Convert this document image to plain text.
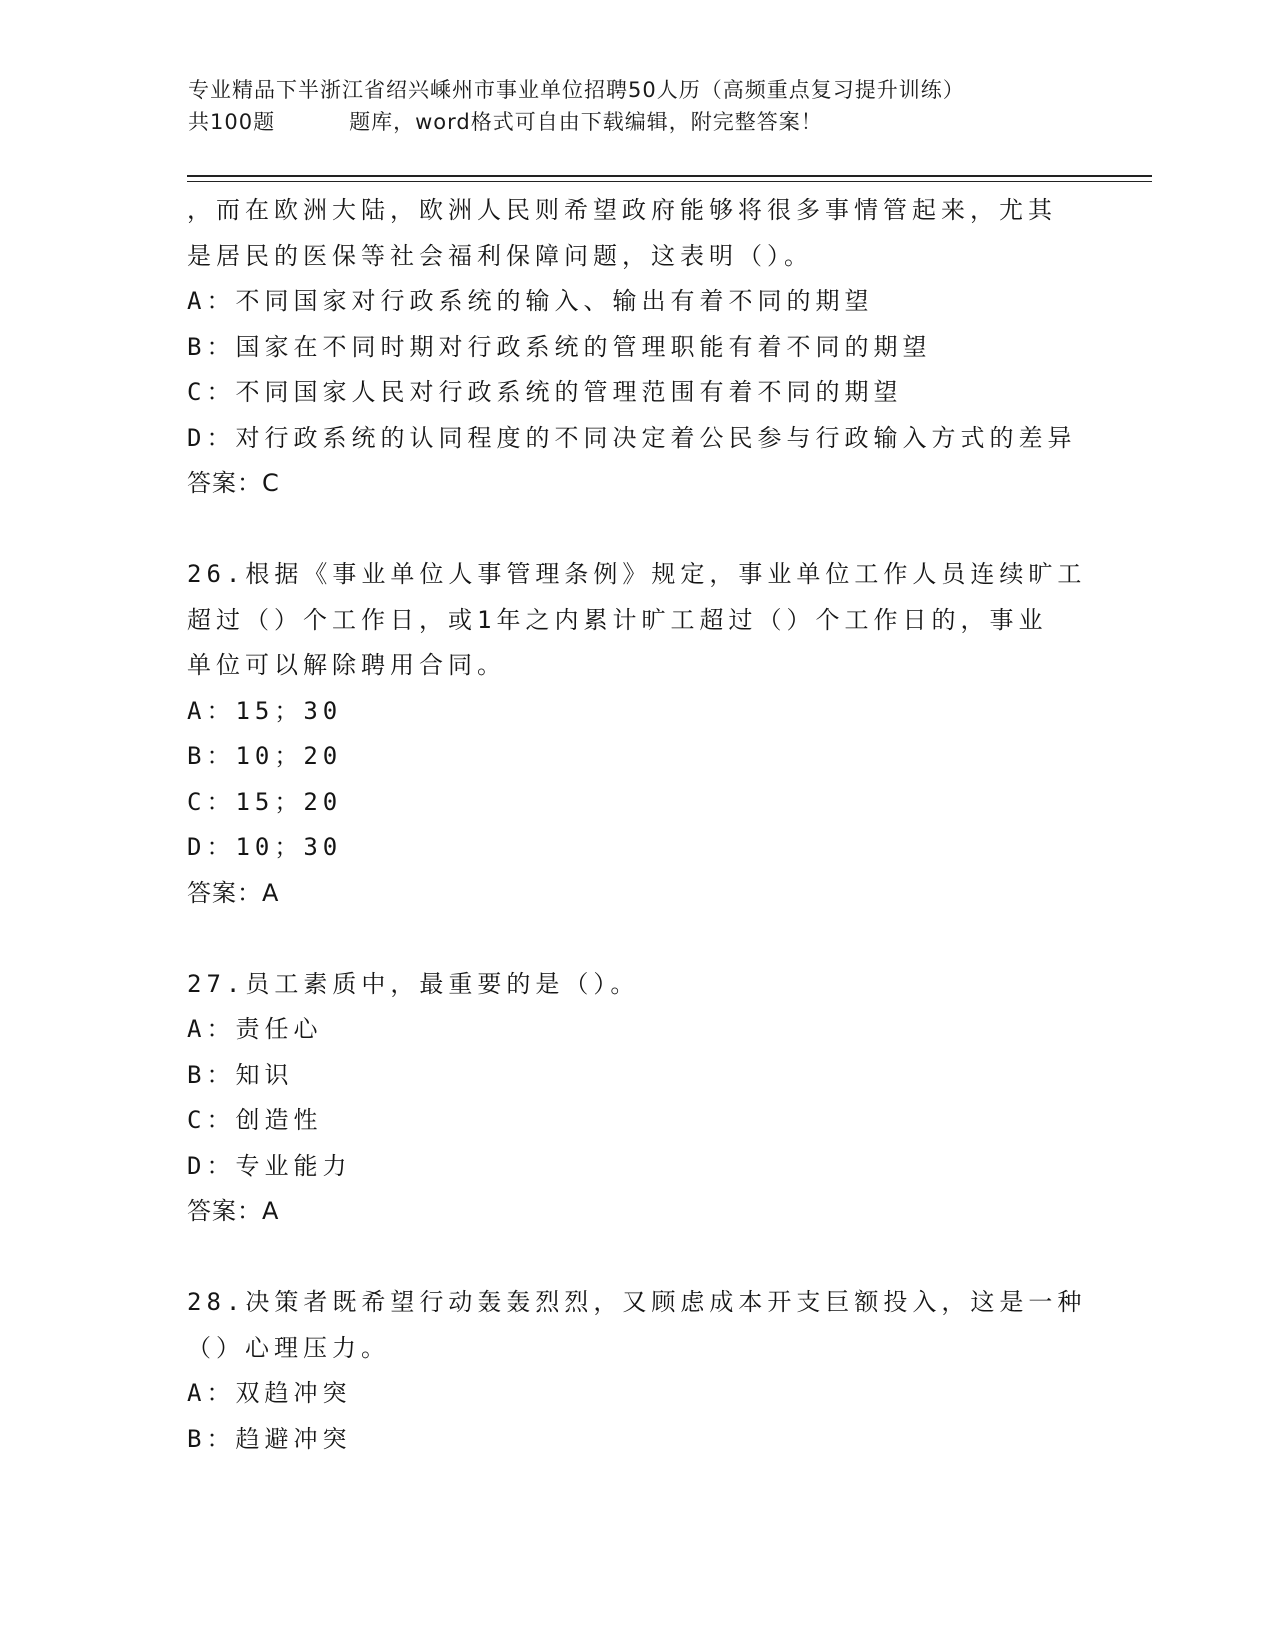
专业精品下半浙江省绍兴嵊州市事业单位招聘50人历（高频重点复习提升训练）
共100题	题库，word格式可自由下载编辑，附完整答案！
，而在欧洲大陆，欧洲人民则希望政府能够将很多事情管起来，尤其
是居民的医保等社会福利保障问题，这表明（）。
A：不同国家对行政系统的输入、输出有着不同的期望
B：国家在不同时期对行政系统的管理职能有着不同的期望
C：不同国家人民对行政系统的管理范围有着不同的期望
D：对行政系统的认同程度的不同决定着公民参与行政输入方式的差异
答案：C
26.根据《事业单位人事管理条例》规定，事业单位工作人员连续旷工
超过（）个工作日，或1年之内累计旷工超过（）个工作日的，事业
单位可以解除聘用合同。
A：15；30
B：10；20
C：15；20
D：10；30
答案：A
27.员工素质中，最重要的是（）。
A：责任心
B：知识
C：创造性
D：专业能力
答案：A
28.决策者既希望行动轰轰烈烈，又顾虑成本开支巨额投入，这是一种
（）心理压力。
A：双趋冲突
B：趋避冲突
